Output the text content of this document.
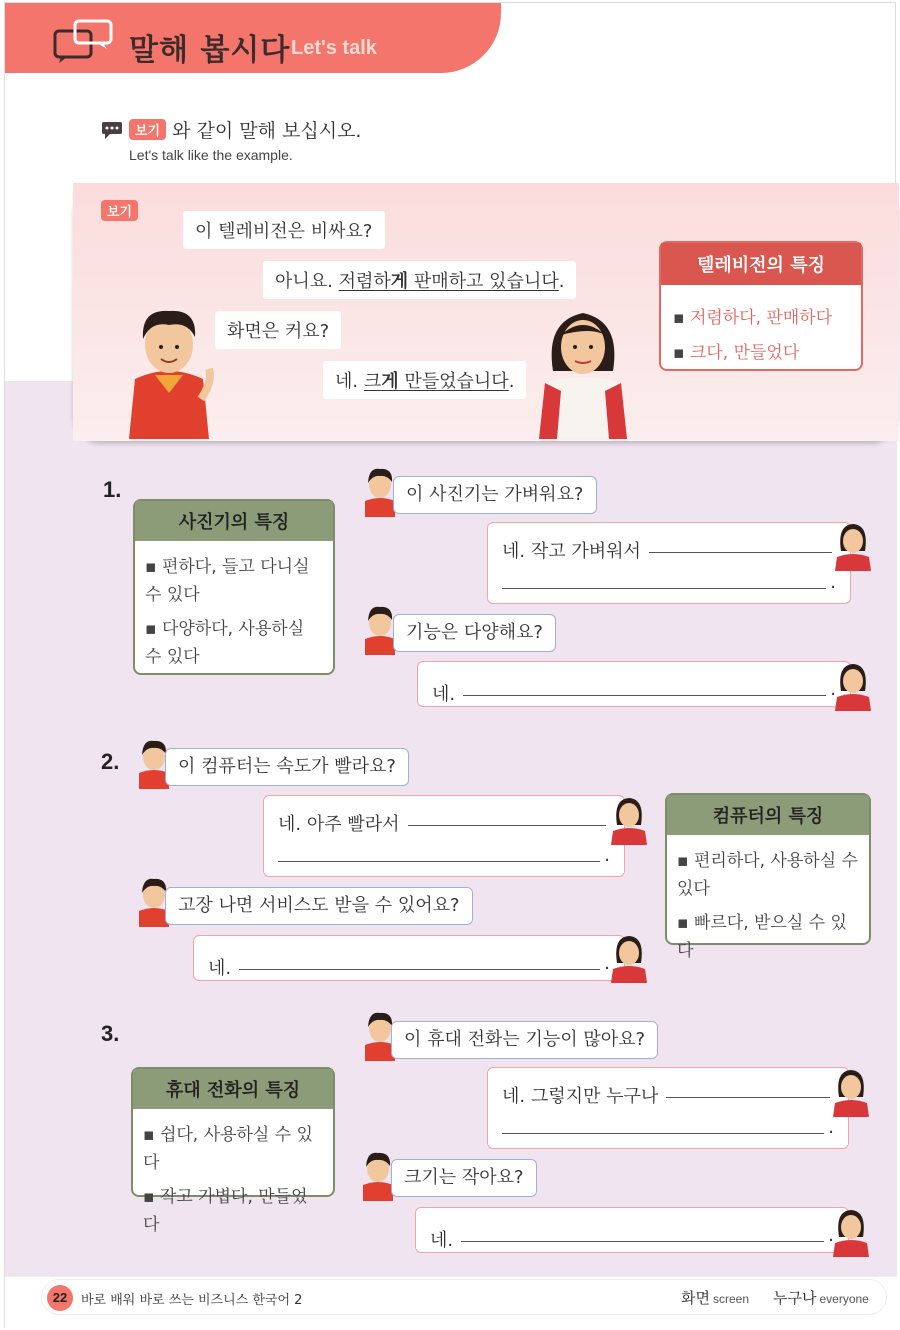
말해 봅시다 Let's talk
보기 와 같이 말해 보십시오.
Let's talk like the example.
보기
이 텔레비전은 비싸요?
아니요. 저렴하게 판매하고 있습니다.
화면은 커요?
네. 크게 만들었습니다.
텔레비전의 특징
▪ 저렴하다, 판매하다
▪ 크다, 만들었다
1.
사진기의 특징
▪ 편하다, 들고 다니실 수 있다
▪ 다양하다, 사용하실 수 있다
이 사진기는 가벼워요?
네. 작고 가벼워서
.
기능은 다양해요?
네.	.
2.	이 컴퓨터는 속도가 빨라요?
네. 아주 빨라서
.
컴퓨터의 특징
▪ 편리하다, 사용하실 수 있다
▪ 빠르다, 받으실 수 있다
고장 나면 서비스도 받을 수 있어요?
네.	.
3.
휴대 전화의 특징
▪ 쉽다, 사용하실 수 있다
▪ 작고 가볍다, 만들었다
이 휴대 전화는 기능이 많아요?
네. 그렇지만 누구나
.
크기는 작아요?
네.	.
22	바로 배워 바로 쓰는 비즈니스 한국어 2	화면 screen 누구나 everyone
